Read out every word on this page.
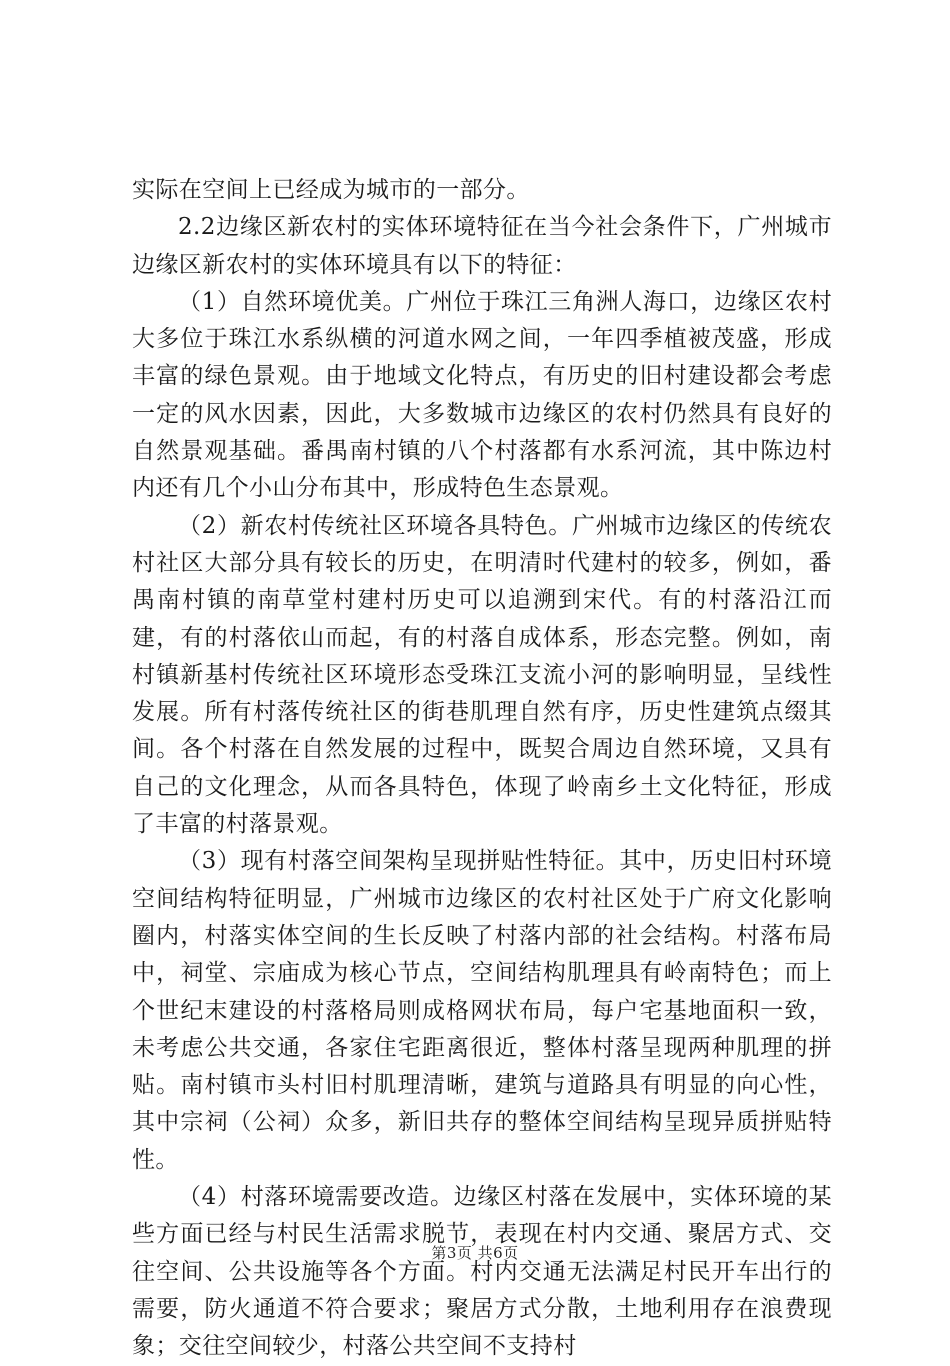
实际在空间上已经成为城市的一部分。

2.2边缘区新农村的实体环境特征在当今社会条件下，广州城市边缘区新农村的实体环境具有以下的特征：

（1）自然环境优美。广州位于珠江三角洲人海口，边缘区农村大多位于珠江水系纵横的河道水网之间，一年四季植被茂盛，形成丰富的绿色景观。由于地域文化特点，有历史的旧村建设都会考虑一定的风水因素，因此，大多数城市边缘区的农村仍然具有良好的自然景观基础。番禺南村镇的八个村落都有水系河流，其中陈边村内还有几个小山分布其中，形成特色生态景观。

（2）新农村传统社区环境各具特色。广州城市边缘区的传统农村社区大部分具有较长的历史，在明清时代建村的较多，例如，番禺南村镇的南草堂村建村历史可以追溯到宋代。有的村落沿江而建，有的村落依山而起，有的村落自成体系，形态完整。例如，南村镇新基村传统社区环境形态受珠江支流小河的影响明显，呈线性发展。所有村落传统社区的街巷肌理自然有序，历史性建筑点缀其间。各个村落在自然发展的过程中，既契合周边自然环境，又具有自己的文化理念，从而各具特色，体现了岭南乡土文化特征，形成了丰富的村落景观。

（3）现有村落空间架构呈现拼贴性特征。其中，历史旧村环境空间结构特征明显，广州城市边缘区的农村社区处于广府文化影响圈内，村落实体空间的生长反映了村落内部的社会结构。村落布局中，祠堂、宗庙成为核心节点，空间结构肌理具有岭南特色；而上个世纪末建设的村落格局则成格网状布局，每户宅基地面积一致，未考虑公共交通，各家住宅距离很近，整体村落呈现两种肌理的拼贴。南村镇市头村旧村肌理清晰，建筑与道路具有明显的向心性，其中宗祠（公祠）众多，新旧共存的整体空间结构呈现异质拼贴特性。

（4）村落环境需要改造。边缘区村落在发展中，实体环境的某些方面已经与村民生活需求脱节，表现在村内交通、聚居方式、交往空间、公共设施等各个方面。村内交通无法满足村民开车出行的需要，防火通道不符合要求；聚居方式分散，土地利用存在浪费现象；交往空间较少，村落公共空间不支持村

第3页 共6页
